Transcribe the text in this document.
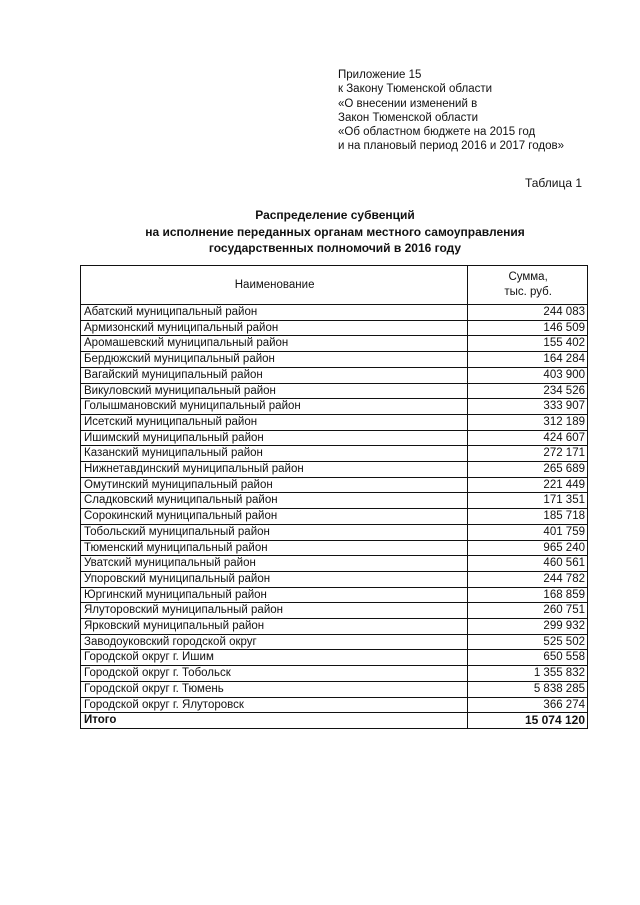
Приложение 15
к Закону Тюменской области
«О внесении изменений в
Закон Тюменской области
«Об областном бюджете на 2015 год
и на плановый период 2016 и 2017 годов»
Таблица 1
Распределение субвенций
на исполнение переданных органам местного самоуправления
государственных полномочий в 2016 году
Наименование	Сумма,
тыс. руб.

Абатский муниципальный район	244 083
Армизонский муниципальный район	146 509
Аромашевский муниципальный район	155 402
Бердюжский муниципальный район	164 284
Вагайский муниципальный район	403 900
Викуловский муниципальный район	234 526
Голышмановский муниципальный район	333 907
Исетский муниципальный район	312 189
Ишимский муниципальный район	424 607
Казанский муниципальный район	272 171
Нижнетавдинский муниципальный район	265 689
Омутинский муниципальный район	221 449
Сладковский муниципальный район	171 351
Сорокинский муниципальный район	185 718
Тобольский муниципальный район	401 759
Тюменский муниципальный район	965 240
Уватский муниципальный район	460 561
Упоровский муниципальный район	244 782
Юргинский муниципальный район	168 859
Ялуторовский муниципальный район	260 751
Ярковский муниципальный район	299 932
Заводоуковский городской округ	525 502
Городской округ г. Ишим	650 558
Городской округ г. Тобольск	1 355 832
Городской округ г. Тюмень	5 838 285
Городской округ г. Ялуторовск	366 274
Итого	15 074 120
